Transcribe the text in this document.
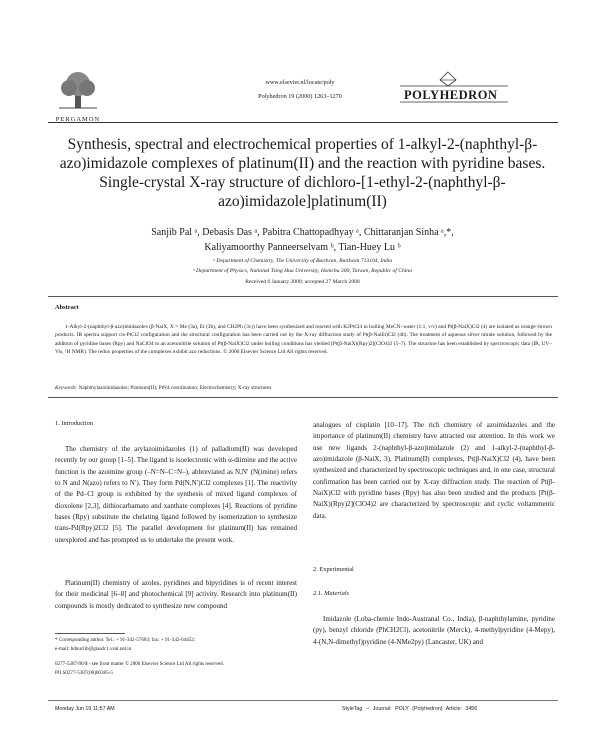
PERGAMON
www.elsevier.nl/locate/poly
Polyhedron 19 (2000) 1263–1270	POLYHEDRON
Synthesis, spectral and electrochemical properties of 1-alkyl-2-(naphthyl-β-azo)imidazole complexes of platinum(II) and the reaction with pyridine bases. Single-crystal X-ray structure of dichloro-[1-ethyl-2-(naphthyl-β-azo)imidazole]platinum(II)
Sanjib Pal ᵃ, Debasis Das ᵃ, Pabitra Chattopadhyay ᵃ, Chittaranjan Sinha ᵃ,*,
Kaliyamoorthy Panneerselvam ᵇ, Tian-Huey Lu ᵇ
ᵃ Department of Chemistry, The University of Burdwan, Burdwan 713104, India
ᵇ Department of Physics, National Tsing Hua University, Hsinchu 300, Taiwan, Republic of China
Received 6 January 2000; accepted 27 March 2000
Abstract
1-Alkyl-2-(naphthyl-β-azo)imidazoles (β-NaiX, X = Me (3a), Et (3b), and CH2Ph (3c)) have been synthesized and reacted with K2PtCl4 in boiling MeCN–water (1:1, v/v) and Pt(β-NaiX)Cl2 (4) are isolated as orange–brown products. IR spectra support cis-PtCl2 configuration and the structural configuration has been carried out by the X-ray diffraction study of Pt(β-NaiEt)Cl2 (4b). The treatment of aqueous silver nitrate solution, followed by the addition of pyridine bases (Rpy) and NaClO4 to an acetonitrile solution of Pt(β-NaiX)Cl2 under boiling conditions has yielded [Pt(β-NaiX)(Rpy)2](ClO4)2 (5–7). The structure has been established by spectroscopic data (IR, UV–Vis, ¹H NMR). The redox properties of the complexes exhibit azo reductions. © 2000 Elsevier Science Ltd All rights reserved.
Keywords: Naphthylazoimidazoles; Platinum(II); PtN4 coordination; Electrochemistry; X-ray structures
1. Introduction
The chemistry of the arylazoimidazoles (1) of palladium(II) was developed recently by our group [1–5]. The ligand is isoelectronic with α-diimine and the active function is the azoimine group (–N=N–C=N–), abbreviated as N,N′ (N(imine) refers to N and N(azo) refers to N′). They form Pd(N,N′)Cl2 complexes [1]. The reactivity of the Pd–Cl group is exhibited by the synthesis of mixed ligand complexes of dioxolene [2,3], dithiocarbamato and xanthate complexes [4]. Reactions of pyridine bases (Rpy) substitute the chelating ligand followed by isomerization to synthesize trans-Pd(Rpy)2Cl2 [5]. The parallel development for platinum(II) has remained unexplored and has prompted us to undertake the present work.
Platinum(II) chemistry of azoles, pyridines and bipyridines is of recent interest for their medicinal [6–8] and photochemical [9] activity. Research into platinum(II) compounds is mostly dedicated to synthesize new compound
* Corresponding author. Tel.: + 91-342-57683; fax: + 91-342-64452;
e-mail: bdnuclib@giasdc1.vsnl.net.in
0277-5387/00/$ - see front matter © 2000 Elsevier Science Ltd All rights reserved.
PII S0277-5387(00)00385-5
analogues of cisplatin [10–17]. The rich chemistry of azoimidazoles and the importance of platinum(II) chemistry have attracted our attention. In this work we use new ligands 2-(naphthyl-β-azo)imidazole (2) and 1-alkyl-2-(naphthyl-β-azo)imidazole (β-NaiX, 3). Platinum(II) complexes, Pt(β-NaiX)Cl2 (4), have been synthesized and characterized by spectroscopic techniques and, in one case, structural confirmation has been carried out by X-ray diffraction study. The reaction of Pt(β-NaiX)Cl2 with pyridine bases (Rpy) has also been studied and the products [Pt(β-NaiX)(Rpy)2](ClO4)2 are characterized by spectroscopic and cyclic voltammetric data.
2. Experimental
2.1. Materials
Imidazole (Loba-chemie Indo-Austranal Co., India), β-naphthylamine, pyridine (py), benzyl chloride (PhCH2Cl), acetonitrile (Merck), 4-methylpyridine (4-Mepy), 4-(N,N-dimethyl)pyridine (4-NMe2py) (Lancaster, UK) and
Monday Jun 19 11:57 AM	StyleTag -- Journal: POLY (Polyhedron) Article: 3456
